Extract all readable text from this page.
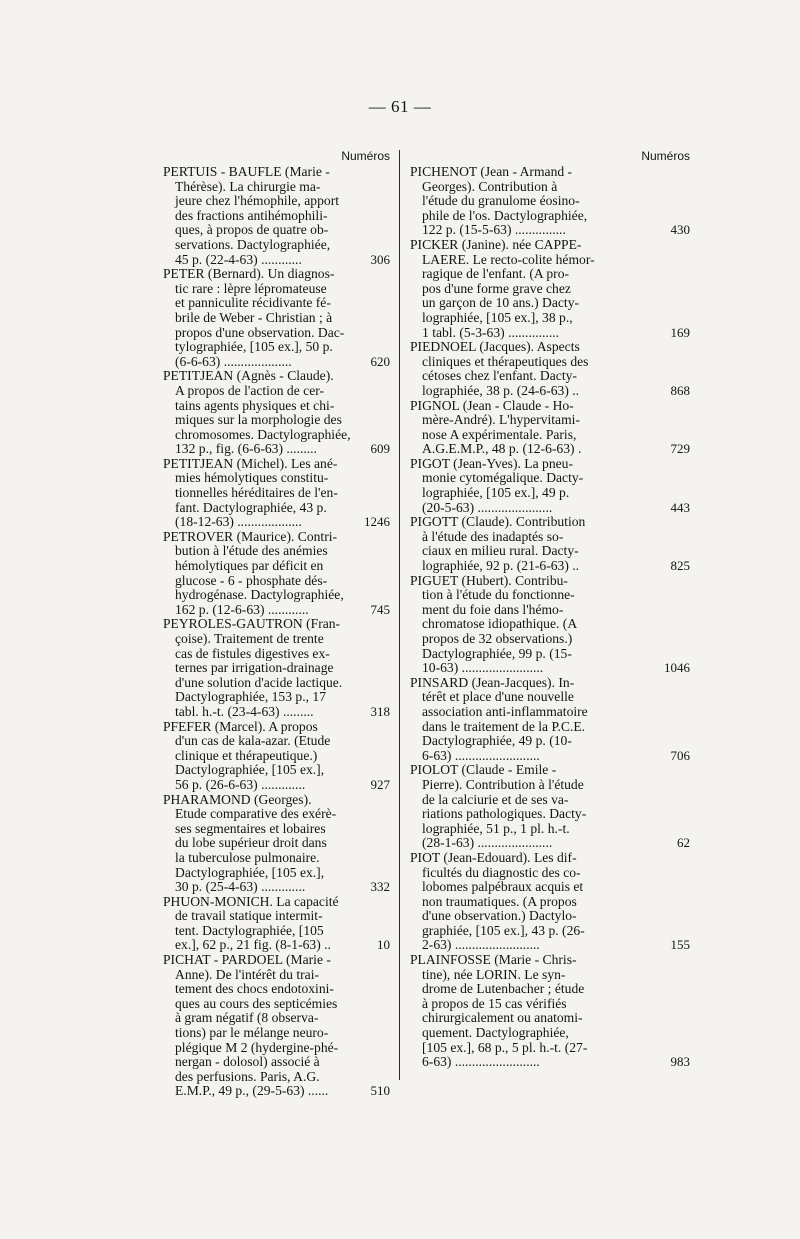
— 61 —
Numéros
PERTUIS - BAUFLE (Marie -
Thérèse). La chirurgie ma-
jeure chez l'hémophile, apport
des fractions antihémophili-
ques, à propos de quatre ob-
servations. Dactylographiée,
45 p. (22-4-63) ............	306
PETER (Bernard). Un diagnos-
tic rare : lèpre lépromateuse
et panniculite récidivante fé-
brile de Weber - Christian ; à
propos d'une observation. Dac-
tylographiée, [105 ex.], 50 p.
(6-6-63) ....................	620
PETITJEAN (Agnès - Claude).
A propos de l'action de cer-
tains agents physiques et chi-
miques sur la morphologie des
chromosomes. Dactylographiée,
132 p., fig. (6-6-63) .........	609
PETITJEAN (Michel). Les ané-
mies hémolytiques constitu-
tionnelles héréditaires de l'en-
fant. Dactylographiée, 43 p.
(18-12-63) ...................	1246
PETROVER (Maurice). Contri-
bution à l'étude des anémies
hémolytiques par déficit en
glucose - 6 - phosphate dés-
hydrogénase. Dactylographiée,
162 p. (12-6-63) ............	745
PEYROLES-GAUTRON (Fran-
çoise). Traitement de trente
cas de fistules digestives ex-
ternes par irrigation-drainage
d'une solution d'acide lactique.
Dactylographiée, 153 p., 17
tabl. h.-t. (23-4-63) .........	318
PFEFER (Marcel). A propos
d'un cas de kala-azar. (Etude
clinique et thérapeutique.)
Dactylographiée, [105 ex.],
56 p. (26-6-63) .............	927
PHARAMOND (Georges).
Etude comparative des exérè-
ses segmentaires et lobaires
du lobe supérieur droit dans
la tuberculose pulmonaire.
Dactylographiée, [105 ex.],
30 p. (25-4-63) .............	332
PHUON-MONICH. La capacité
de travail statique intermit-
tent. Dactylographiée, [105
ex.], 62 p., 21 fig. (8-1-63) ..	10
PICHAT - PARDOEL (Marie -
Anne). De l'intérêt du trai-
tement des chocs endotoxini-
ques au cours des septicémies
à gram négatif (8 observa-
tions) par le mélange neuro-
plégique M 2 (hydergine-phé-
nergan - dolosol) associé à
des perfusions. Paris, A.G.
E.M.P., 49 p., (29-5-63) ......	510
Numéros
PICHENOT (Jean - Armand -
Georges). Contribution à
l'étude du granulome éosino-
phile de l'os. Dactylographiée,
122 p. (15-5-63) ...............	430
PICKER (Janine). née CAPPE-
LAERE. Le recto-colite hémor-
ragique de l'enfant. (A pro-
pos d'une forme grave chez
un garçon de 10 ans.) Dacty-
lographiée, [105 ex.], 38 p.,
1 tabl. (5-3-63) ...............	169
PIEDNOEL (Jacques). Aspects
cliniques et thérapeutiques des
cétoses chez l'enfant. Dacty-
lographiée, 38 p. (24-6-63) ..	868
PIGNOL (Jean - Claude - Ho-
mère-André). L'hypervitami-
nose A expérimentale. Paris,
A.G.E.M.P., 48 p. (12-6-63) .	729
PIGOT (Jean-Yves). La pneu-
monie cytomégalique. Dacty-
lographiée, [105 ex.], 49 p.
(20-5-63) ......................	443
PIGOTT (Claude). Contribution
à l'étude des inadaptés so-
ciaux en milieu rural. Dacty-
lographiée, 92 p. (21-6-63) ..	825
PIGUET (Hubert). Contribu-
tion à l'étude du fonctionne-
ment du foie dans l'hémo-
chromatose idiopathique. (A
propos de 32 observations.)
Dactylographiée, 99 p. (15-
10-63) ........................	1046
PINSARD (Jean-Jacques). In-
térêt et place d'une nouvelle
association anti-inflammatoire
dans le traitement de la P.C.E.
Dactylographiée, 49 p. (10-
6-63) .........................	706
PIOLOT (Claude - Emile -
Pierre). Contribution à l'étude
de la calciurie et de ses va-
riations pathologiques. Dacty-
lographiée, 51 p., 1 pl. h.-t.
(28-1-63) ......................	62
PIOT (Jean-Edouard). Les dif-
ficultés du diagnostic des co-
lobomes palpébraux acquis et
non traumatiques. (A propos
d'une observation.) Dactylo-
graphiée, [105 ex.], 43 p. (26-
2-63) .........................	155
PLAINFOSSE (Marie - Chris-
tine), née LORIN. Le syn-
drome de Lutenbacher ; étude
à propos de 15 cas vérifiés
chirurgicalement ou anatomi-
quement. Dactylographiée,
[105 ex.], 68 p., 5 pl. h.-t. (27-
6-63) .........................	983
